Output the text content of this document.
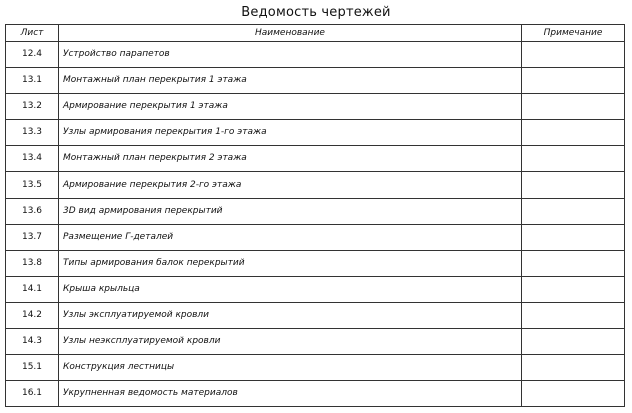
Ведомость чертежей
Лист	Наименование	Примечание
12.4	Устройство парапетов	
13.1	Монтажный план перекрытия 1 этажа	
13.2	Армирование перекрытия 1 этажа	
13.3	Узлы армирования перекрытия 1-го этажа	
13.4	Монтажный план перекрытия 2 этажа	
13.5	Армирование перекрытия 2-го этажа	
13.6	3D вид армирования перекрытий	
13.7	Размещение Г-деталей	
13.8	Типы армирования балок перекрытий	
14.1	Крыша крыльца	
14.2	Узлы эксплуатируемой кровли	
14.3	Узлы неэксплуатируемой кровли	
15.1	Конструкция лестницы	
16.1	Укрупненная ведомость материалов	
